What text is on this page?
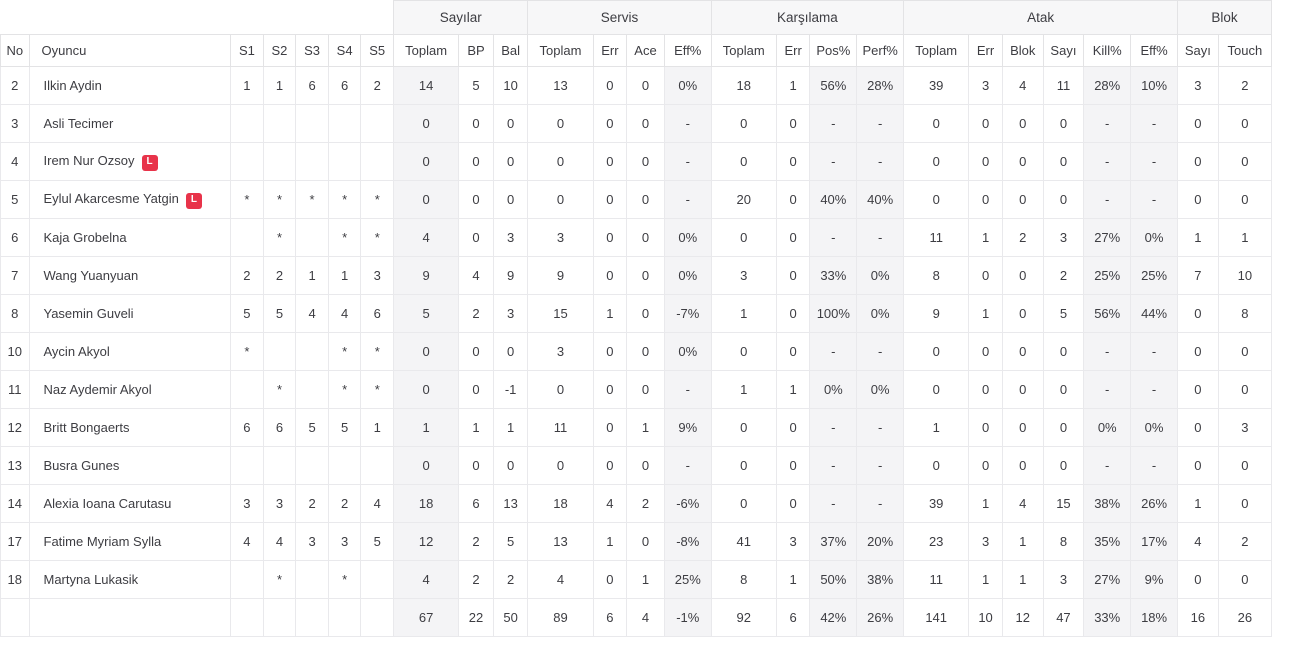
							Sayılar			Servis				Karşılama				Atak						Blok	
No	Oyuncu	S1	S2	S3	S4	S5	Toplam	BP	Bal	Toplam	Err	Ace	Eff%	Toplam	Err	Pos%	Perf%	Toplam	Err	Blok	Sayı	Kill%	Eff%	Sayı	Touch
2	Ilkin Aydin	1	1	6	6	2	14	5	10	13	0	0	0%	18	1	56%	28%	39	3	4	11	28%	10%	3	2
3	Asli Tecimer						0	0	0	0	0	0	-	0	0	-	-	0	0	0	0	-	-	0	0
4	Irem Nur Ozsoy L						0	0	0	0	0	0	-	0	0	-	-	0	0	0	0	-	-	0	0
5	Eylul Akarcesme Yatgin L	*	*	*	*	*	0	0	0	0	0	0	-	20	0	40%	40%	0	0	0	0	-	-	0	0
6	Kaja Grobelna		*		*	*	4	0	3	3	0	0	0%	0	0	-	-	11	1	2	3	27%	0%	1	1
7	Wang Yuanyuan	2	2	1	1	3	9	4	9	9	0	0	0%	3	0	33%	0%	8	0	0	2	25%	25%	7	10
8	Yasemin Guveli	5	5	4	4	6	5	2	3	15	1	0	-7%	1	0	100%	0%	9	1	0	5	56%	44%	0	8
10	Aycin Akyol	*			*	*	0	0	0	3	0	0	0%	0	0	-	-	0	0	0	0	-	-	0	0
11	Naz Aydemir Akyol		*		*	*	0	0	-1	0	0	0	-	1	1	0%	0%	0	0	0	0	-	-	0	0
12	Britt Bongaerts	6	6	5	5	1	1	1	1	11	0	1	9%	0	0	-	-	1	0	0	0	0%	0%	0	3
13	Busra Gunes						0	0	0	0	0	0	-	0	0	-	-	0	0	0	0	-	-	0	0
14	Alexia Ioana Carutasu	3	3	2	2	4	18	6	13	18	4	2	-6%	0	0	-	-	39	1	4	15	38%	26%	1	0
17	Fatime Myriam Sylla	4	4	3	3	5	12	2	5	13	1	0	-8%	41	3	37%	20%	23	3	1	8	35%	17%	4	2
18	Martyna Lukasik		*		*		4	2	2	4	0	1	25%	8	1	50%	38%	11	1	1	3	27%	9%	0	0
							67	22	50	89	6	4	-1%	92	6	42%	26%	141	10	12	47	33%	18%	16	26
